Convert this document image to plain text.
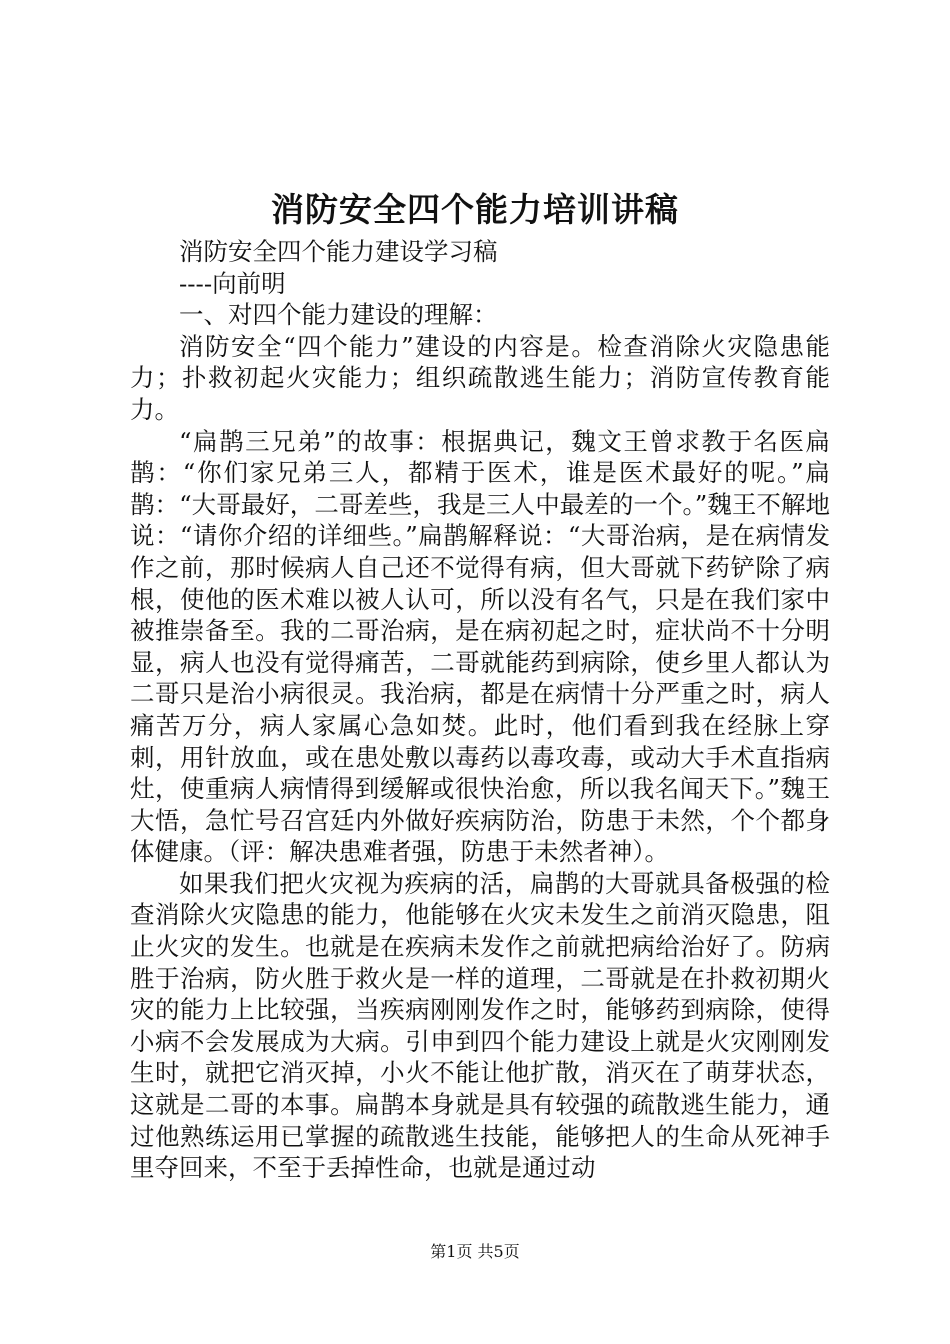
消防安全四个能力培训讲稿

消防安全四个能力建设学习稿

----向前明

一、对四个能力建设的理解：

消防安全“四个能力”建设的内容是。检查消除火灾隐患能力；扑救初起火灾能力；组织疏散逃生能力；消防宣传教育能力。

“扁鹊三兄弟”的故事：根据典记，魏文王曾求教于名医扁鹊：“你们家兄弟三人，都精于医术，谁是医术最好的呢。”扁鹊：“大哥最好，二哥差些，我是三人中最差的一个。”魏王不解地说：“请你介绍的详细些。”扁鹊解释说：“大哥治病，是在病情发作之前，那时候病人自己还不觉得有病，但大哥就下药铲除了病根，使他的医术难以被人认可，所以没有名气，只是在我们家中被推崇备至。我的二哥治病，是在病初起之时，症状尚不十分明显，病人也没有觉得痛苦，二哥就能药到病除，使乡里人都认为二哥只是治小病很灵。我治病，都是在病情十分严重之时，病人痛苦万分，病人家属心急如焚。此时，他们看到我在经脉上穿刺，用针放血，或在患处敷以毒药以毒攻毒，或动大手术直指病灶，使重病人病情得到缓解或很快治愈，所以我名闻天下。”魏王大悟，急忙号召宫廷内外做好疾病防治，防患于未然，个个都身体健康。（评：解决患难者强，防患于未然者神）。

如果我们把火灾视为疾病的活，扁鹊的大哥就具备极强的检查消除火灾隐患的能力，他能够在火灾未发生之前消灭隐患，阻止火灾的发生。也就是在疾病未发作之前就把病给治好了。防病胜于治病，防火胜于救火是一样的道理，二哥就是在扑救初期火灾的能力上比较强，当疾病刚刚发作之时，能够药到病除，使得小病不会发展成为大病。引申到四个能力建设上就是火灾刚刚发生时，就把它消灭掉，小火不能让他扩散，消灭在了萌芽状态，这就是二哥的本事。扁鹊本身就是具有较强的疏散逃生能力，通过他熟练运用已掌握的疏散逃生技能，能够把人的生命从死神手里夺回来，不至于丢掉性命，也就是通过动

第1页 共5页
